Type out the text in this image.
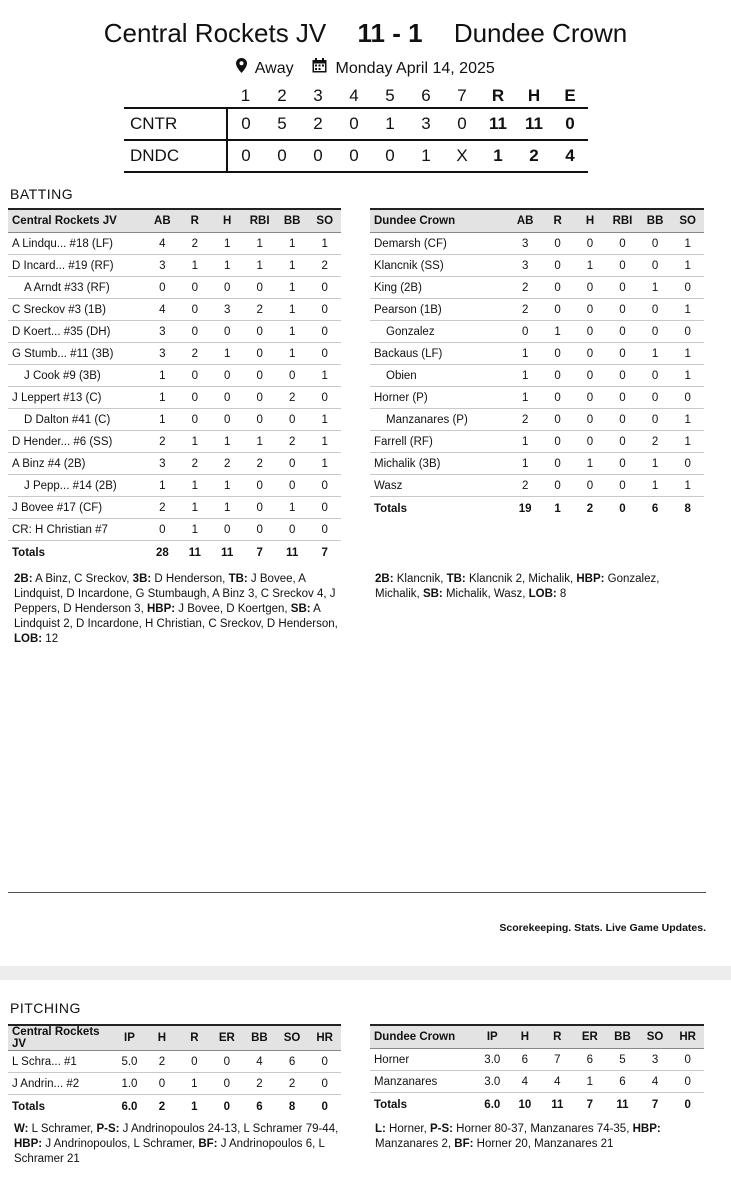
Central Rockets JV 11 - 1 Dundee Crown
Away	Monday April 14, 2025
	1	2	3	4	5	6	7	R	H	E
CNTR	0	5	2	0	1	3	0	11	11	0
DNDC	0	0	0	0	0	1	X	1	2	4
BATTING
Central Rockets JV	AB	R	H	RBI	BB	SO
A Lindqu... #18 (LF)	4	2	1	1	1	1
D Incard... #19 (RF)	3	1	1	1	1	2
A Arndt #33 (RF)	0	0	0	0	1	0
C Sreckov #3 (1B)	4	0	3	2	1	0
D Koert... #35 (DH)	3	0	0	0	1	0
G Stumb... #11 (3B)	3	2	1	0	1	0
J Cook #9 (3B)	1	0	0	0	0	1
J Leppert #13 (C)	1	0	0	0	2	0
D Dalton #41 (C)	1	0	0	0	0	1
D Hender... #6 (SS)	2	1	1	1	2	1
A Binz #4 (2B)	3	2	2	2	0	1
J Pepp... #14 (2B)	1	1	1	0	0	0
J Bovee #17 (CF)	2	1	1	0	1	0
CR: H Christian #7	0	1	0	0	0	0
Totals	28	11	11	7	11	7
Dundee Crown	AB	R	H	RBI	BB	SO
Demarsh (CF)	3	0	0	0	0	1
Klancnik (SS)	3	0	1	0	0	1
King (2B)	2	0	0	0	1	0
Pearson (1B)	2	0	0	0	0	1
Gonzalez	0	1	0	0	0	0
Backaus (LF)	1	0	0	0	1	1
Obien	1	0	0	0	0	1
Horner (P)	1	0	0	0	0	0
Manzanares (P)	2	0	0	0	0	1
Farrell (RF)	1	0	0	0	2	1
Michalik (3B)	1	0	1	0	1	0
Wasz	2	0	0	0	1	1
Totals	19	1	2	0	6	8
2B: A Binz, C Sreckov, 3B: D Henderson, TB: J Bovee, A Lindquist, D Incardone, G Stumbaugh, A Binz 3, C Sreckov 4, J Peppers, D Henderson 3, HBP: J Bovee, D Koertgen, SB: A Lindquist 2, D Incardone, H Christian, C Sreckov, D Henderson, LOB: 12
2B: Klancnik, TB: Klancnik 2, Michalik, HBP: Gonzalez, Michalik, SB: Michalik, Wasz, LOB: 8
Scorekeeping. Stats. Live Game Updates.
PITCHING
Central Rockets JV	IP	H	R	ER	BB	SO	HR
L Schra... #1	5.0	2	0	0	4	6	0
J Andrin... #2	1.0	0	1	0	2	2	0
Totals	6.0	2	1	0	6	8	0
Dundee Crown	IP	H	R	ER	BB	SO	HR
Horner	3.0	6	7	6	5	3	0
Manzanares	3.0	4	4	1	6	4	0
Totals	6.0	10	11	7	11	7	0
W: L Schramer, P-S: J Andrinopoulos 24-13, L Schramer 79-44, HBP: J Andrinopoulos, L Schramer, BF: J Andrinopoulos 6, L Schramer 21
L: Horner, P-S: Horner 80-37, Manzanares 74-35, HBP: Manzanares 2, BF: Horner 20, Manzanares 21
